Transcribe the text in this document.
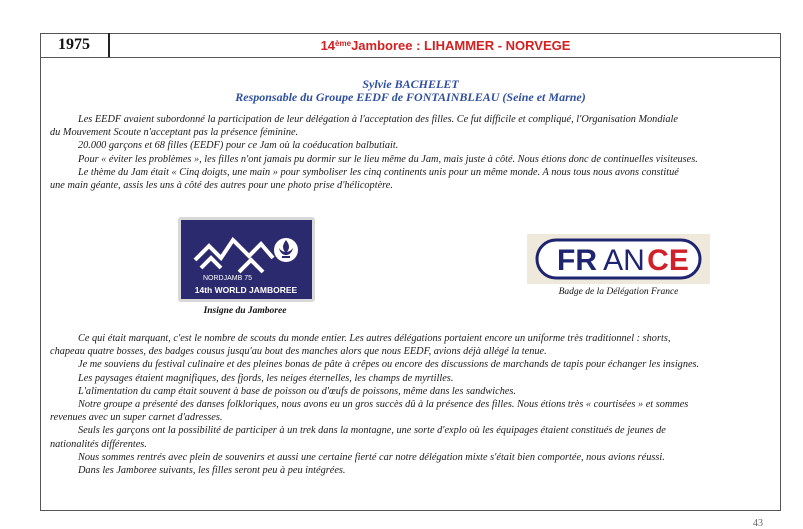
1975	14ème Jamboree : LIHAMMER - NORVEGE
Sylvie BACHELET
Responsable du Groupe EEDF de FONTAINBLEAU (Seine et Marne)

Les EEDF avaient subordonné la participation de leur délégation à l'acceptation des filles. Ce fut difficile et compliqué, l'Organisation Mondiale

du Mouvement Scoute n'acceptant pas la présence féminine.

20.000 garçons et 68 filles (EEDF) pour ce Jam où la coéducation balbutiait.

Pour « éviter les problèmes », les filles n'ont jamais pu dormir sur le lieu même du Jam, mais juste à côté. Nous étions donc de continuelles visiteuses.

Le thème du Jam était « Cinq doigts, une main » pour symboliser les cinq continents unis pour un même monde. A nous tous nous avons constitué

une main géante, assis les uns à côté des autres pour une photo prise d'hélicoptère.

NORDJAMB 75
14th WORLD JAMBOREE
Insigne du Jamboree
FR AN CE
Badge de la Délégation France

Ce qui était marquant, c'est le nombre de scouts du monde entier. Les autres délégations portaient encore un uniforme très traditionnel : shorts,

chapeau quatre bosses, des badges cousus jusqu'au bout des manches alors que nous EEDF, avions déjà allégé la tenue.

Je me souviens du festival culinaire et des pleines bonas de pâte à crêpes ou encore des discussions de marchands de tapis pour échanger les insignes.

Les paysages étaient magnifiques, des fjords, les neiges éternelles, les champs de myrtilles.

L'alimentation du camp était souvent à base de poisson ou d'œufs de poissons, même dans les sandwiches.

Notre groupe a présenté des danses folkloriques, nous avons eu un gros succès dû à la présence des filles. Nous étions très « courtisées » et sommes

revenues avec un super carnet d'adresses.

Seuls les garçons ont la possibilité de participer à un trek dans la montagne, une sorte d'explo où les équipages étaient constitués de jeunes de

nationalités différentes.

Nous sommes rentrés avec plein de souvenirs et aussi une certaine fierté car notre délégation mixte s'était bien comportée, nous avions réussi.

Dans les Jamboree suivants, les filles seront peu à peu intégrées.

43
